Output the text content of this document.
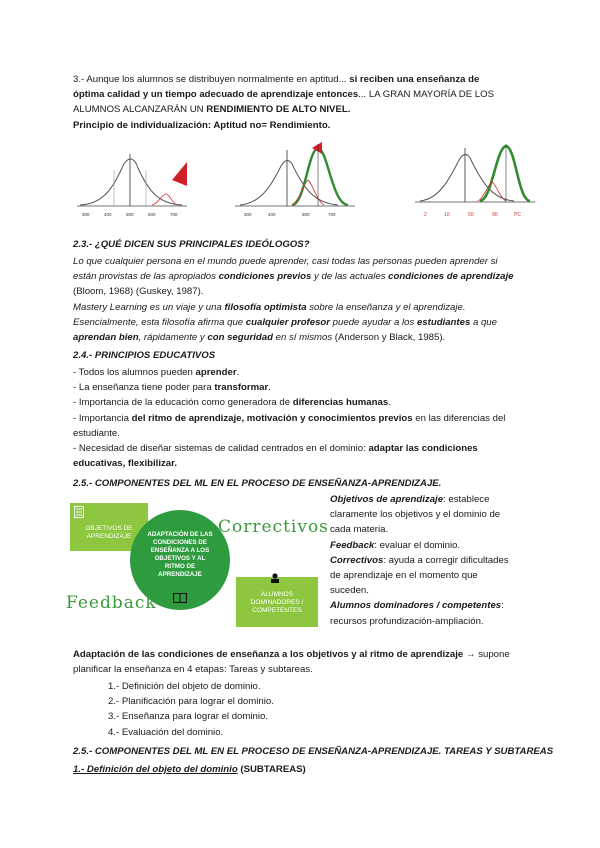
3.- Aunque los alumnos se distribuyen normalmente en aptitud... si reciben una enseñanza de
óptima calidad y un tiempo adecuado de aprendizaje entonces... LA GRAN MAYORÍA DE LOS
ALUMNOS ALCANZARÁN UN RENDIMIENTO DE ALTO NIVEL.
Principio de individualización: Aptitud no= Rendimiento.
300	400	500	600	700	300	400	600	700	2	10	50	90	PC
2.3.- ¿QUÉ DICEN SUS PRINCIPALES IDEÓLOGOS?
Lo que cualquier persona en el mundo puede aprender, casi todas las personas pueden aprender si
están provistas de las apropiados condiciones previos y de las actuales condiciones de aprendizaje
(Bloom, 1968) (Guskey, 1987).
Mastery Learning es un viaje y una filosofía optimista sobre la enseñanza y el aprendizaje.
Esencialmente, esta filosofía afirma que cualquier profesor puede ayudar a los estudiantes a que
aprendan bien, rápidamente y con seguridad en sí mismos (Anderson y Black, 1985).
2.4.- PRINCIPIOS EDUCATIVOS
- Todos los alumnos pueden aprender.
- La enseñanza tiene poder para transformar.
- Importancia de la educación como generadora de diferencias humanas.
- Importancia del ritmo de aprendizaje, motivación y conocimientos previos en las diferencias del
estudiante.
- Necesidad de diseñar sistemas de calidad centrados en el dominio: adaptar las condiciones
educativas, flexibilizar.
2.5.- COMPONENTES DEL ML EN EL PROCESO DE ENSEÑANZA-APRENDIZAJE.
OBJETIVOS DE APRENDIZAJE	ADAPTACIÓN DE LAS CONDICIONES DE ENSEÑANZA A LOS OBJETIVOS Y AL RITMO DE APRENDIZAJE
Correctivos
Feedback	ALUMNOS DOMINADORES / COMPETENTES
Objetivos de aprendizaje: establece
claramente los objetivos y el dominio de
cada materia.
Feedback: evaluar el dominio.
Correctivos: ayuda a corregir dificultades
de aprendizaje en el momento que
suceden.
Alumnos dominadores / competentes:
recursos profundización-ampliación.
Adaptación de las condiciones de enseñanza a los objetivos y al ritmo de aprendizaje → supone
planificar la enseñanza en 4 etapas: Tareas y subtareas.
1.- Definición del objeto de dominio.
2.- Planificación para lograr el dominio.
3.- Enseñanza para lograr el dominio.
4.- Evaluación del dominio.
2.5.- COMPONENTES DEL ML EN EL PROCESO DE ENSEÑANZA-APRENDIZAJE. TAREAS Y SUBTAREAS
1.- Definición del objeto del dominio (SUBTAREAS)
